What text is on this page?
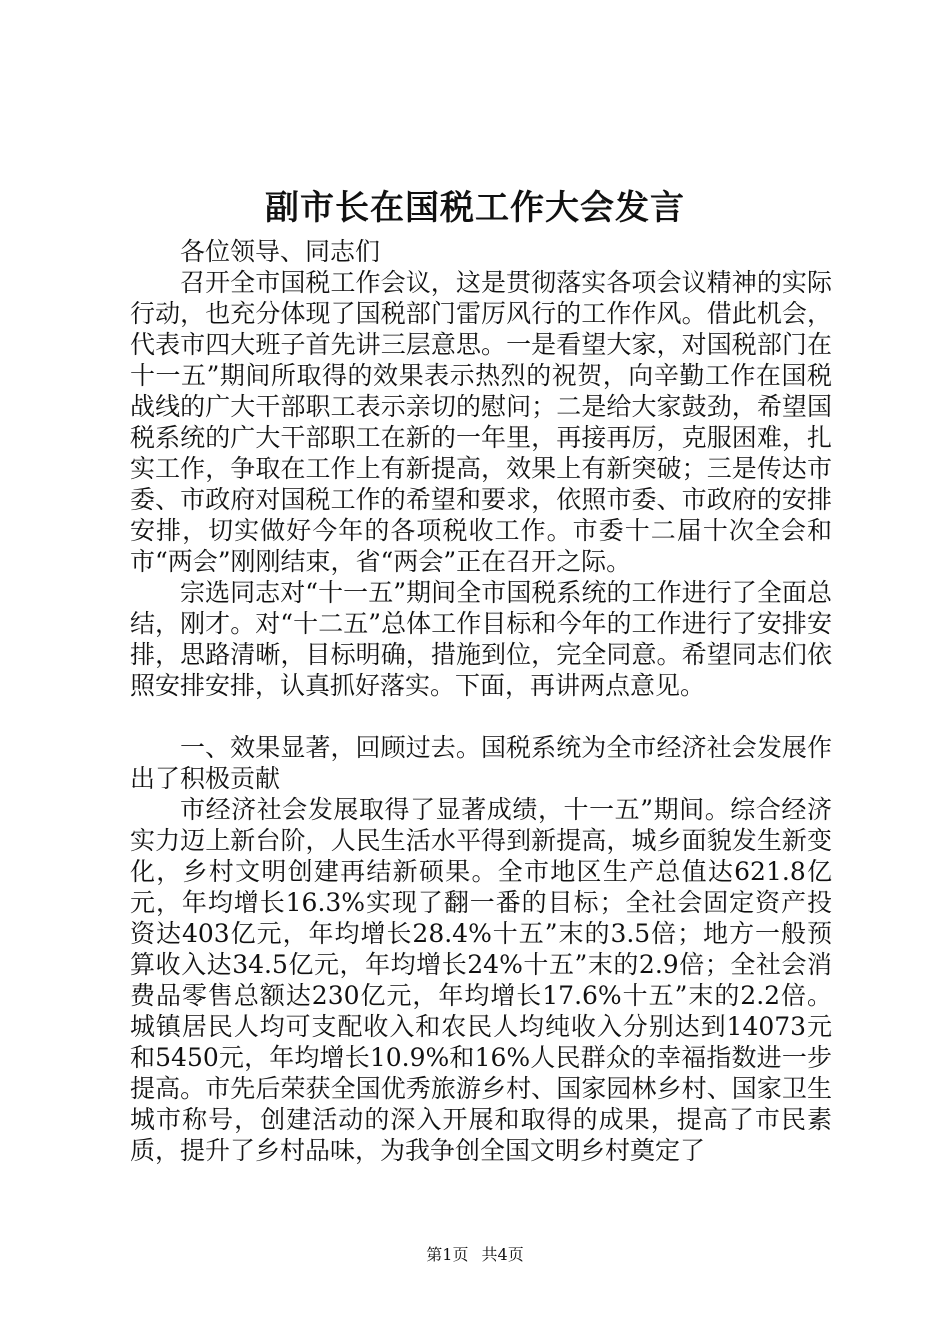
副市长在国税工作大会发言

各位领导、同志们

召开全市国税工作会议，这是贯彻落实各项会议精神的实际行动，也充分体现了国税部门雷厉风行的工作作风。借此机会，代表市四大班子首先讲三层意思。一是看望大家，对国税部门在十一五”期间所取得的效果表示热烈的祝贺，向辛勤工作在国税战线的广大干部职工表示亲切的慰问；二是给大家鼓劲，希望国税系统的广大干部职工在新的一年里，再接再厉，克服困难，扎实工作，争取在工作上有新提高，效果上有新突破；三是传达市委、市政府对国税工作的希望和要求，依照市委、市政府的安排安排，切实做好今年的各项税收工作。市委十二届十次全会和市“两会”刚刚结束，省“两会”正在召开之际。

宗选同志对“十一五”期间全市国税系统的工作进行了全面总结，刚才。对“十二五”总体工作目标和今年的工作进行了安排安排，思路清晰，目标明确，措施到位，完全同意。希望同志们依照安排安排，认真抓好落实。下面，再讲两点意见。

一、效果显著，回顾过去。国税系统为全市经济社会发展作出了积极贡献

市经济社会发展取得了显著成绩，十一五”期间。综合经济实力迈上新台阶，人民生活水平得到新提高，城乡面貌发生新变化，乡村文明创建再结新硕果。全市地区生产总值达621.8亿元，年均增长16.3%实现了翻一番的目标；全社会固定资产投资达403亿元，年均增长28.4%十五”末的3.5倍；地方一般预算收入达34.5亿元，年均增长24%十五”末的2.9倍；全社会消费品零售总额达230亿元，年均增长17.6%十五”末的2.2倍。城镇居民人均可支配收入和农民人均纯收入分别达到14073元和5450元，年均增长10.9%和16%人民群众的幸福指数进一步提高。市先后荣获全国优秀旅游乡村、国家园林乡村、国家卫生城市称号，创建活动的深入开展和取得的成果，提高了市民素质，提升了乡村品味，为我争创全国文明乡村奠定了

第1页 共4页
